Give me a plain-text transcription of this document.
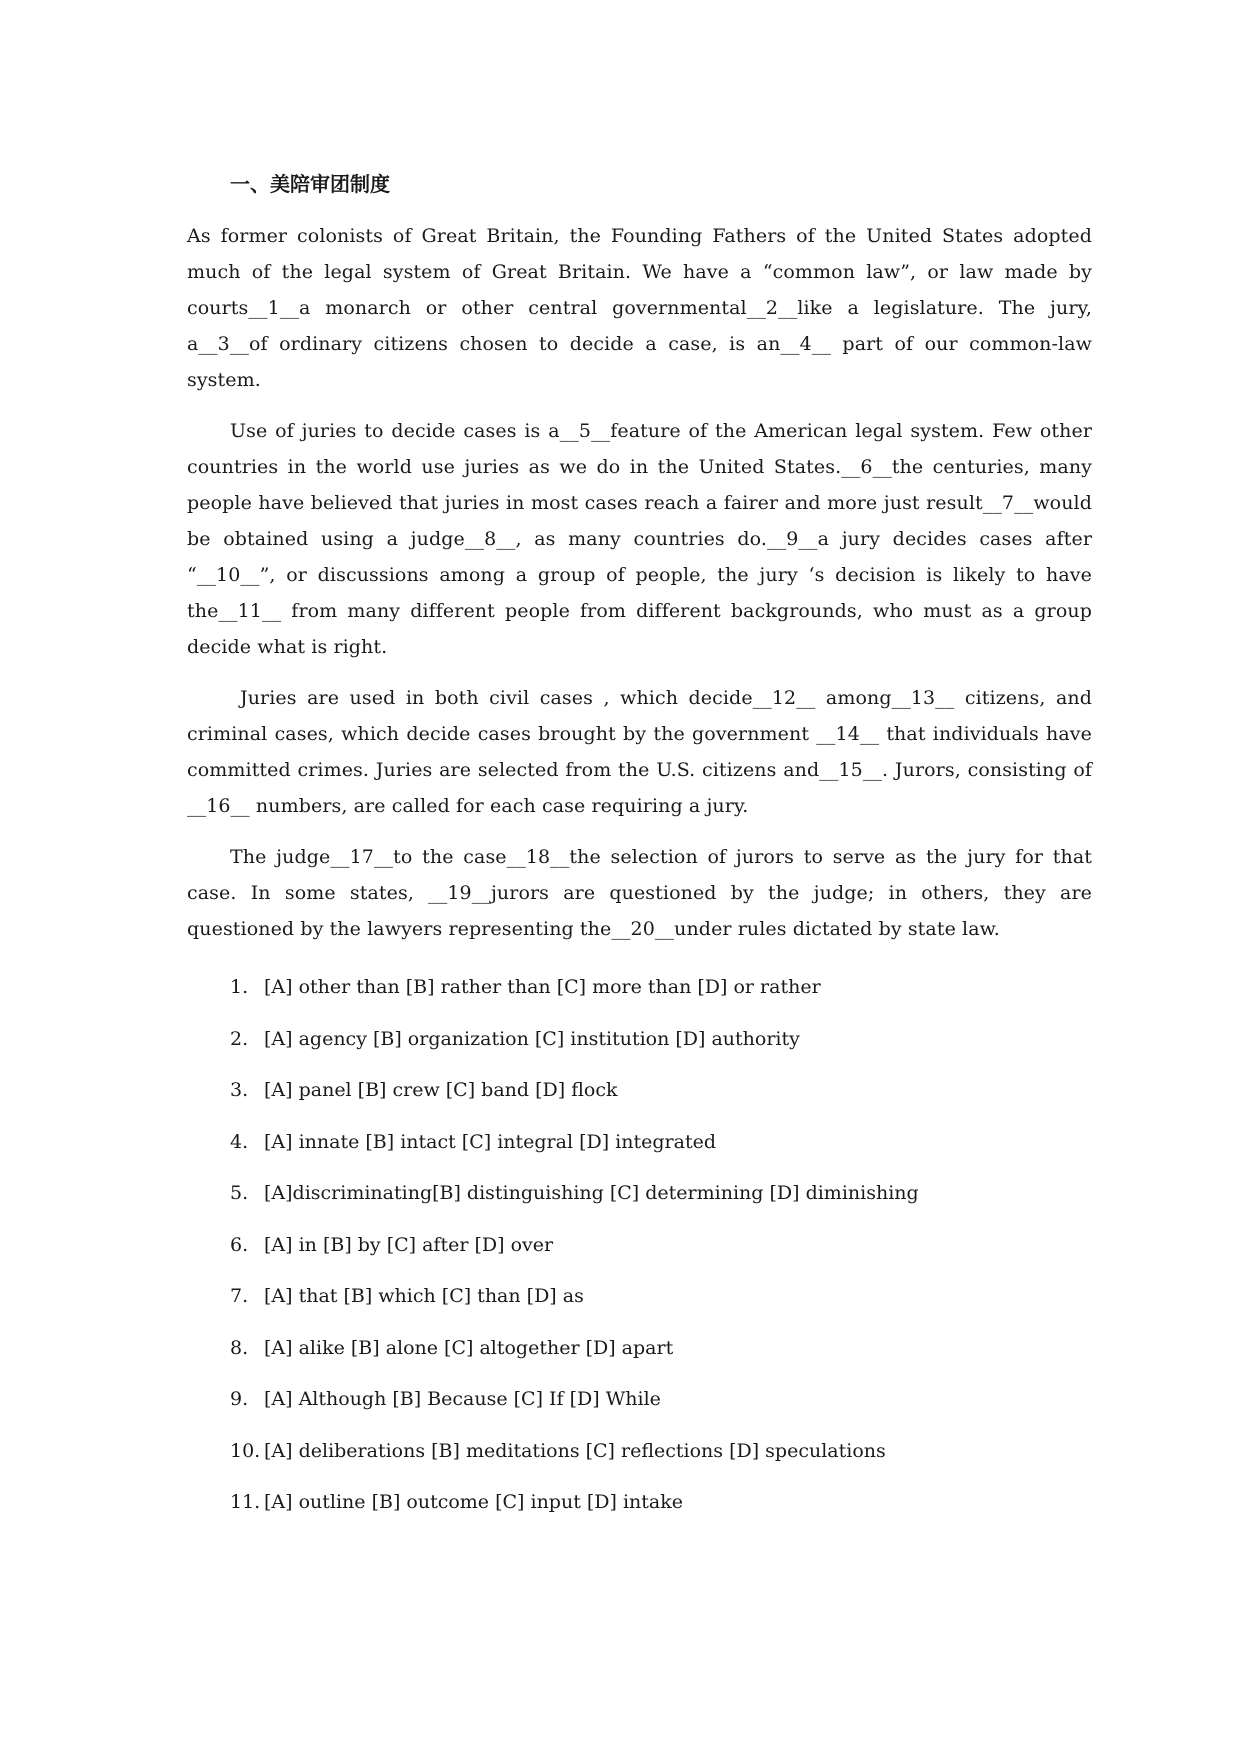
一、美陪审团制度

As former colonists of Great Britain, the Founding Fathers of the United States adopted much of the legal system of Great Britain. We have a “common law”, or law made by courts__1__a monarch or other central governmental__2__like a legislature. The jury, a__3__of ordinary citizens chosen to decide a case, is an__4__ part of our common-law system.

Use of juries to decide cases is a__5__feature of the American legal system. Few other countries in the world use juries as we do in the United States.__6__the centuries, many people have believed that juries in most cases reach a fairer and more just result__7__would be obtained using a judge__8__, as many countries do.__9__a jury decides cases after “__10__”, or discussions among a group of people, the jury ‘s decision is likely to have the__11__ from many different people from different backgrounds, who must as a group decide what is right.

Juries are used in both civil cases , which decide__12__ among__13__ citizens, and criminal cases, which decide cases brought by the government __14__ that individuals have committed crimes. Juries are selected from the U.S. citizens and__15__. Jurors, consisting of __16__ numbers, are called for each case requiring a jury.

The judge__17__to the case__18__the selection of jurors to serve as the jury for that case. In some states, __19__jurors are questioned by the judge; in others, they are questioned by the lawyers representing the__20__under rules dictated by state law.

1. [A] other than [B] rather than [C] more than [D] or rather
2. [A] agency [B] organization [C] institution [D] authority
3. [A] panel [B] crew [C] band [D] flock
4. [A] innate [B] intact [C] integral [D] integrated
5. [A]discriminating[B] distinguishing [C] determining [D] diminishing
6. [A] in [B] by [C] after [D] over
7. [A] that [B] which [C] than [D] as
8. [A] alike [B] alone [C] altogether [D] apart
9. [A] Although [B] Because [C] If [D] While
10. [A] deliberations [B] meditations [C] reflections [D] speculations
11. [A] outline [B] outcome [C] input [D] intake
